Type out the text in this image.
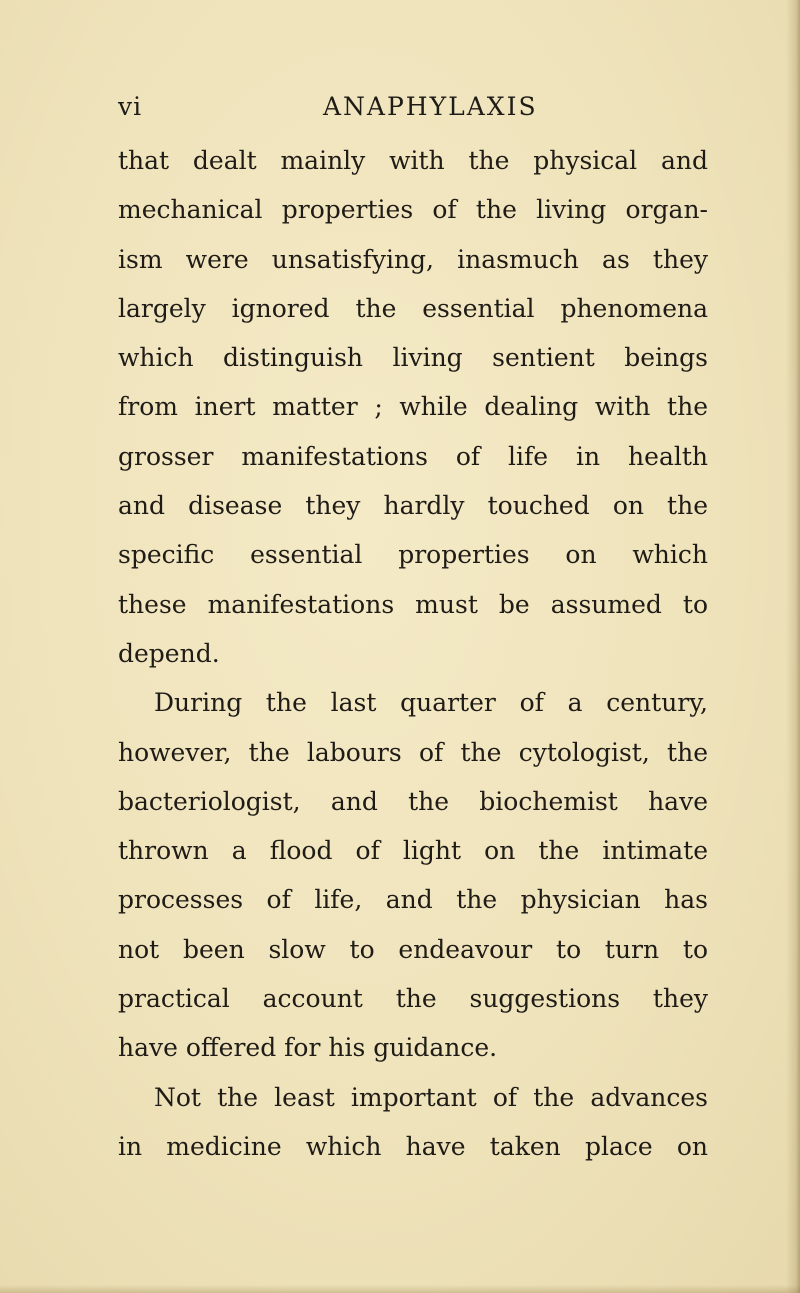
vi	ANAPHYLAXIS
that dealt mainly with the physical and
mechanical properties of the living organ-
ism were unsatisfying, inasmuch as they
largely ignored the essential phenomena
which distinguish living sentient beings
from inert matter ; while dealing with the
grosser manifestations of life in health
and disease they hardly touched on the
specific essential properties on which
these manifestations must be assumed to
depend.
During the last quarter of a century,
however, the labours of the cytologist, the
bacteriologist, and the biochemist have
thrown a flood of light on the intimate
processes of life, and the physician has
not been slow to endeavour to turn to
practical account the suggestions they
have offered for his guidance.
Not the least important of the advances
in medicine which have taken place on
